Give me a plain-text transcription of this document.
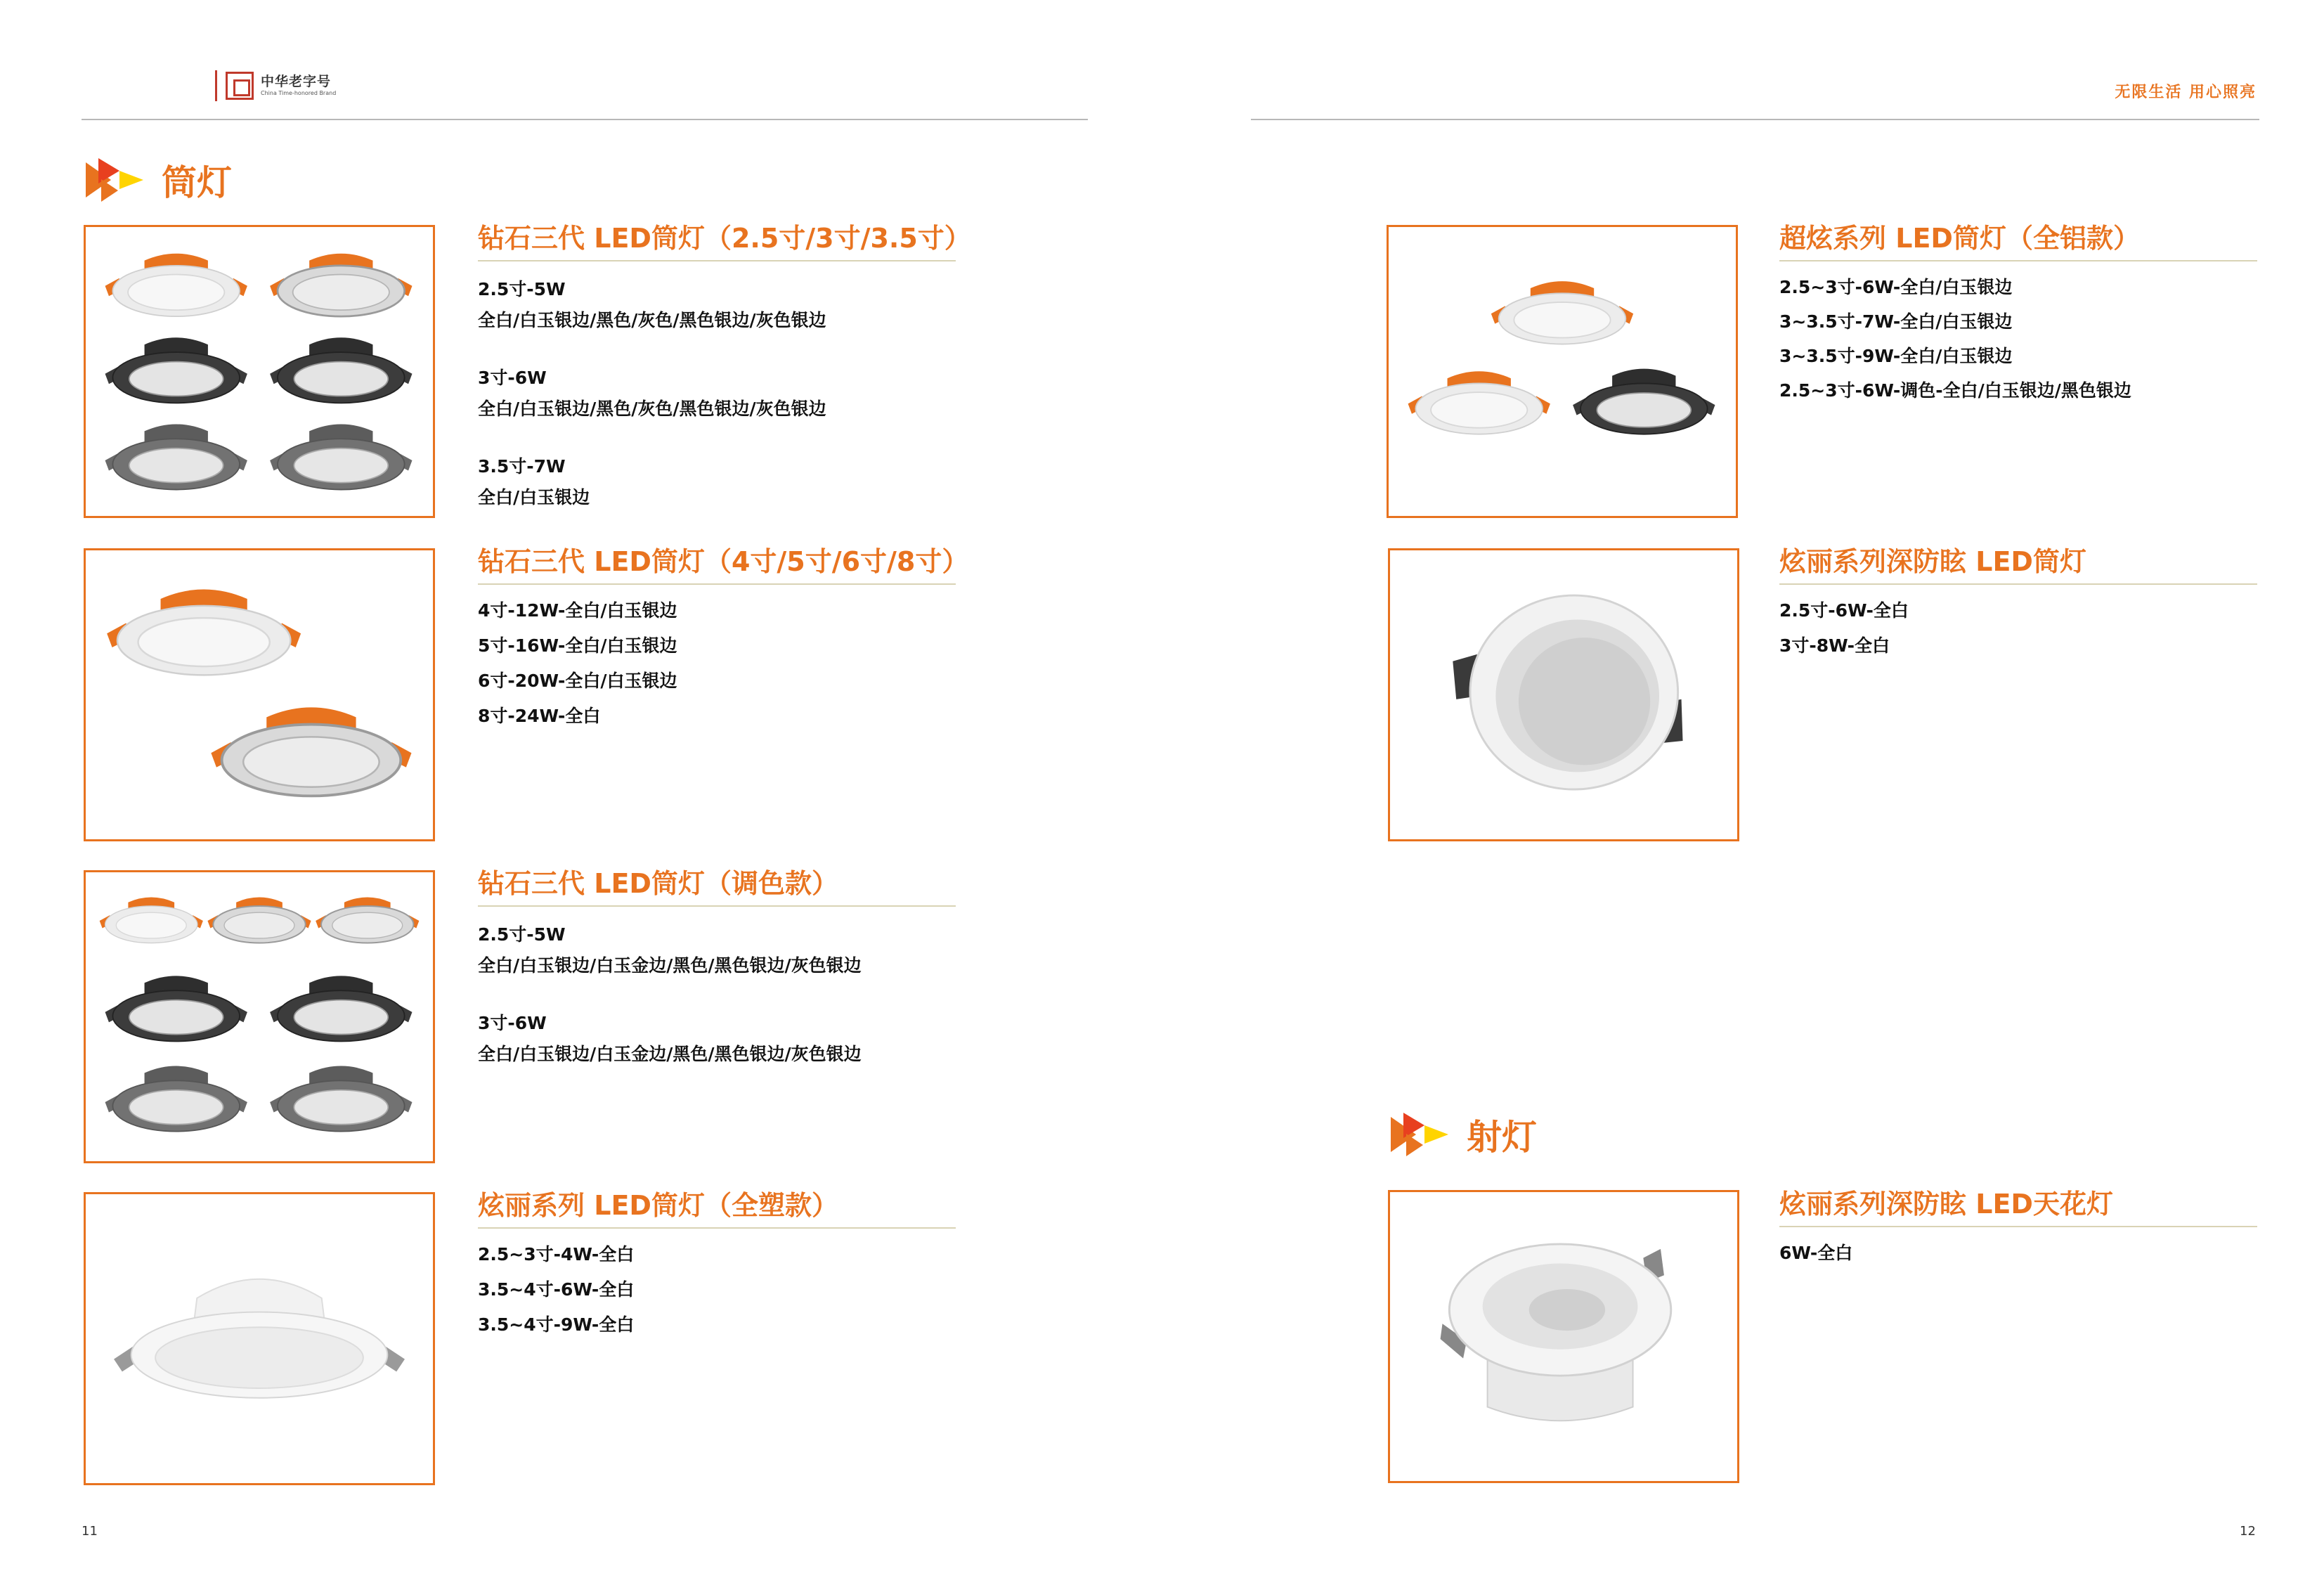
中华老字号
China Time-honored Brand	无限生活 用心照亮
筒灯
钻石三代 LED筒灯（2.5寸/3寸/3.5寸）
2.5寸-5W
全白/白玉银边/黑色/灰色/黑色银边/灰色银边
3寸-6W
全白/白玉银边/黑色/灰色/黑色银边/灰色银边
3.5寸-7W
全白/白玉银边
钻石三代 LED筒灯（4寸/5寸/6寸/8寸）
4寸-12W-全白/白玉银边
5寸-16W-全白/白玉银边
6寸-20W-全白/白玉银边
8寸-24W-全白
钻石三代 LED筒灯（调色款）
2.5寸-5W
全白/白玉银边/白玉金边/黑色/黑色银边/灰色银边
3寸-6W
全白/白玉银边/白玉金边/黑色/黑色银边/灰色银边
炫丽系列 LED筒灯（全塑款）
2.5~3寸-4W-全白
3.5~4寸-6W-全白
3.5~4寸-9W-全白
超炫系列 LED筒灯（全铝款）
2.5~3寸-6W-全白/白玉银边
3~3.5寸-7W-全白/白玉银边
3~3.5寸-9W-全白/白玉银边
2.5~3寸-6W-调色-全白/白玉银边/黑色银边
炫丽系列深防眩 LED筒灯
2.5寸-6W-全白
3寸-8W-全白
射灯
炫丽系列深防眩 LED天花灯
6W-全白
11	12
